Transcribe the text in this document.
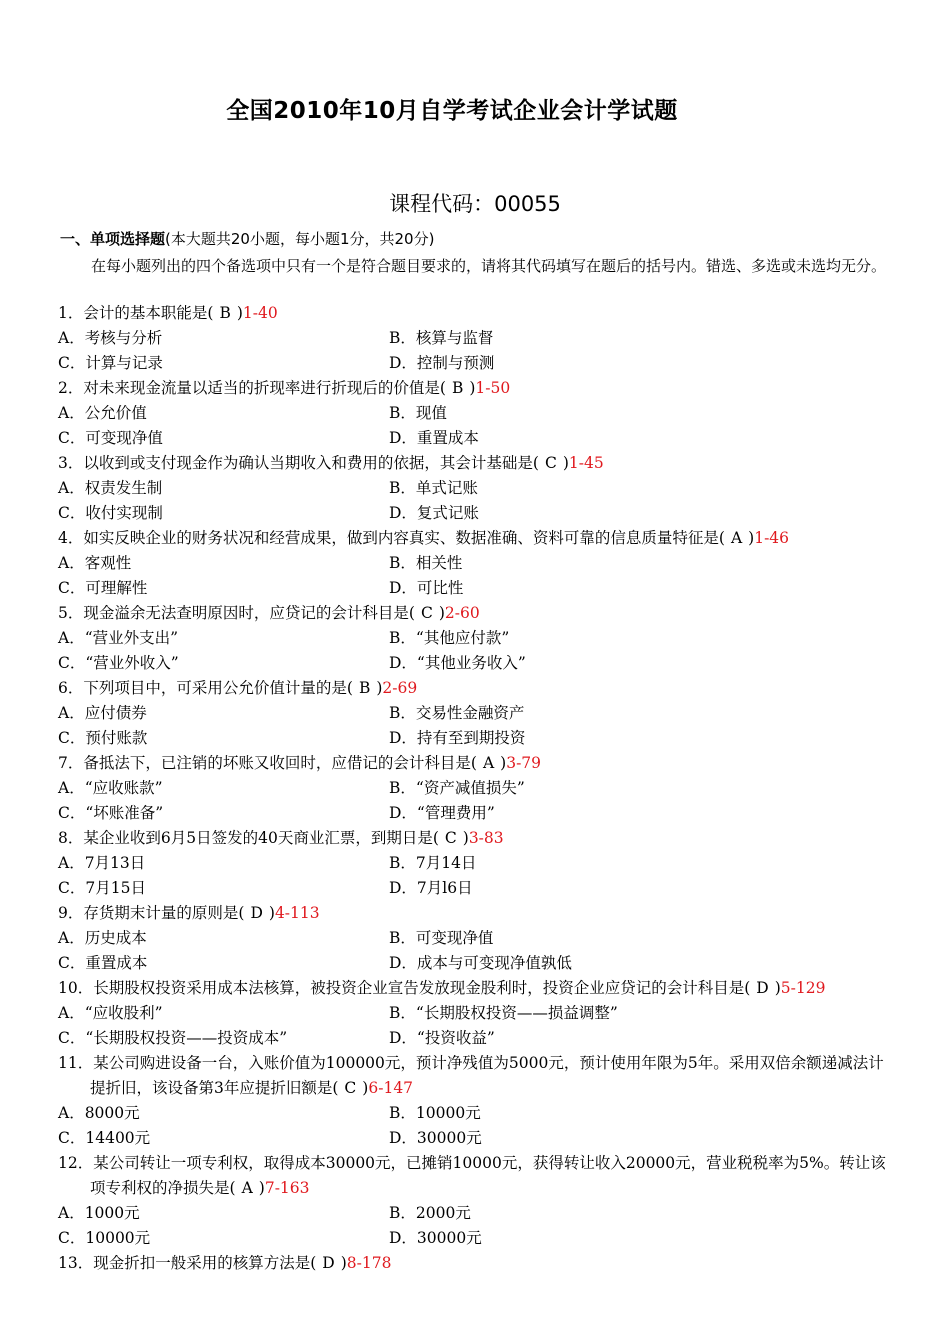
全国2010年10月自学考试企业会计学试题
课程代码：00055
一、单项选择题(本大题共20小题，每小题1分，共20分)
在每小题列出的四个备选项中只有一个是符合题目要求的，请将其代码填写在题后的括号内。错选、多选或未选均无分。
1．会计的基本职能是( B )1-40
A．考核与分析	B．核算与监督
C．计算与记录	D．控制与预测
2．对未来现金流量以适当的折现率进行折现后的价值是( B )1-50
A．公允价值	B．现值
C．可变现净值	D．重置成本
3．以收到或支付现金作为确认当期收入和费用的依据，其会计基础是( C )1-45
A．权责发生制	B．单式记账
C．收付实现制	D．复式记账
4．如实反映企业的财务状况和经营成果，做到内容真实、数据准确、资料可靠的信息质量特征是( A )1-46
A．客观性	B．相关性
C．可理解性	D．可比性
5．现金溢余无法查明原因时，应贷记的会计科目是( C )2-60
A．“营业外支出”	B．“其他应付款”
C．“营业外收入”	D．“其他业务收入”
6．下列项目中，可采用公允价值计量的是( B )2-69
A．应付债券	B．交易性金融资产
C．预付账款	D．持有至到期投资
7．备抵法下，已注销的坏账又收回时，应借记的会计科目是( A )3-79
A．“应收账款”	B．“资产减值损失”
C．“坏账准备”	D．“管理费用”
8．某企业收到6月5日签发的40天商业汇票，到期日是( C )3-83
A．7月13日	B．7月14日
C．7月15日	D．7月l6日
9．存货期末计量的原则是( D )4-113
A．历史成本	B．可变现净值
C．重置成本	D．成本与可变现净值孰低
10．长期股权投资采用成本法核算，被投资企业宣告发放现金股利时，投资企业应贷记的会计科目是( D )5-129
A．“应收股利”	B．“长期股权投资——损益调整”
C．“长期股权投资——投资成本”	D．“投资收益”
11．某公司购进设备一台，入账价值为100000元，预计净残值为5000元，预计使用年限为5年。采用双倍余额递减法计提折旧，该设备第3年应提折旧额是( C )6-147
A．8000元	B．10000元
C．14400元	D．30000元
12．某公司转让一项专利权，取得成本30000元，已摊销10000元，获得转让收入20000元，营业税税率为5%。转让该项专利权的净损失是( A )7-163
A．1000元	B．2000元
C．10000元	D．30000元
13．现金折扣一般采用的核算方法是( D )8-178
